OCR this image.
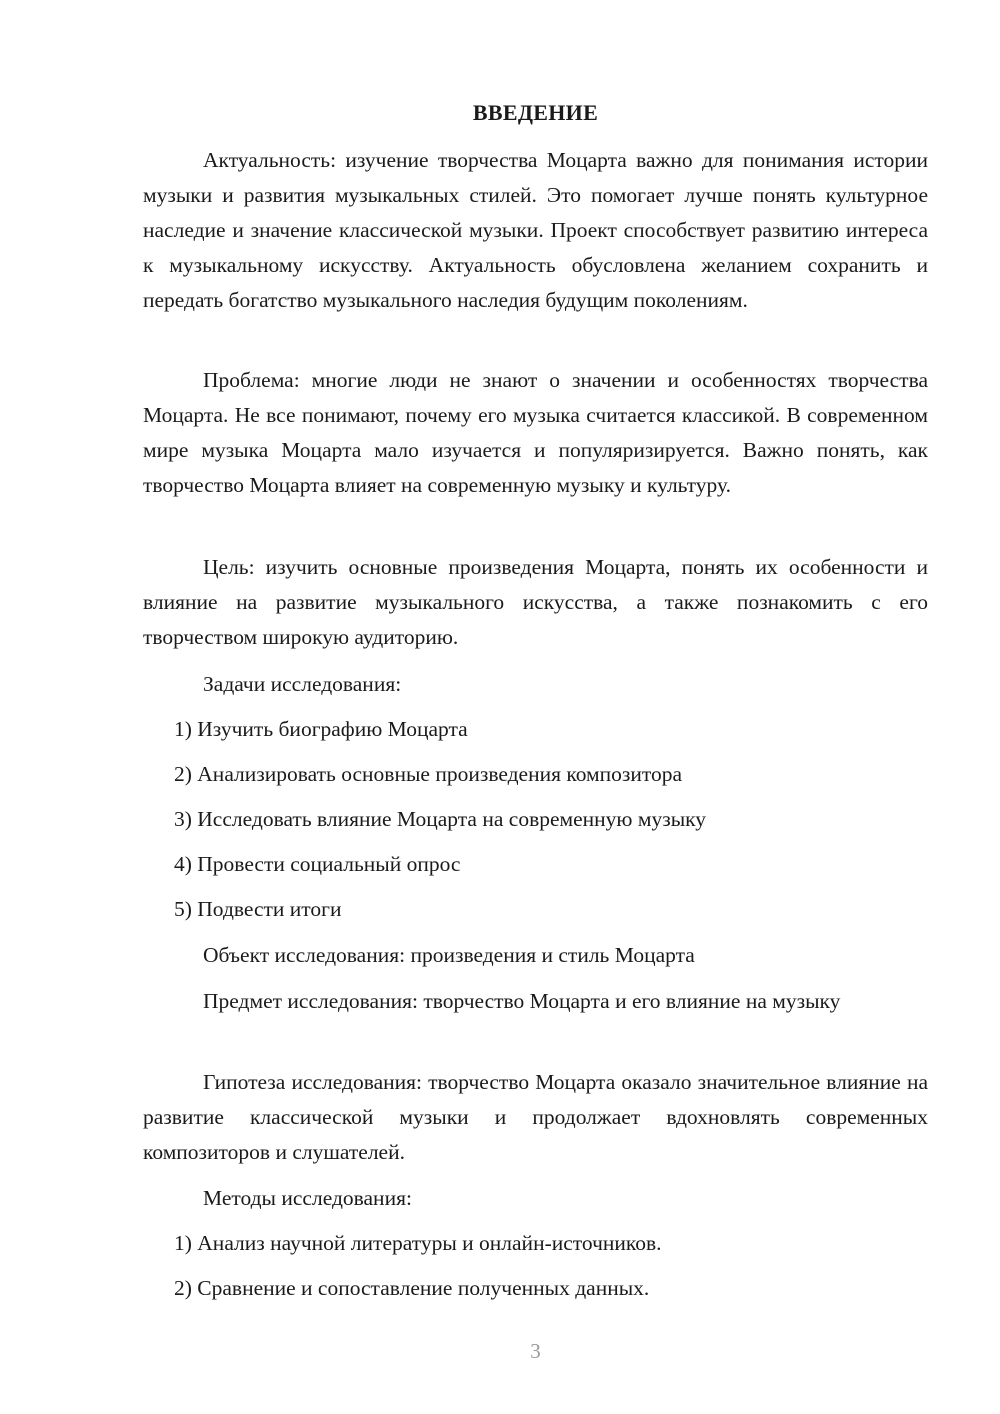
ВВЕДЕНИЕ

Актуальность: изучение творчества Моцарта важно для понимания истории музыки и развития музыкальных стилей. Это помогает лучше понять культурное наследие и значение классической музыки. Проект способствует развитию интереса к музыкальному искусству. Актуальность обусловлена желанием сохранить и передать богатство музыкального наследия будущим поколениям.

Проблема: многие люди не знают о значении и особенностях творчества Моцарта. Не все понимают, почему его музыка считается классикой. В современном мире музыка Моцарта мало изучается и популяризируется. Важно понять, как творчество Моцарта влияет на современную музыку и культуру.

Цель: изучить основные произведения Моцарта, понять их особенности и влияние на развитие музыкального искусства, а также познакомить с его творчеством широкую аудиторию.

Задачи исследования:

1) Изучить биографию Моцарта

2) Анализировать основные произведения композитора

3) Исследовать влияние Моцарта на современную музыку

4) Провести социальный опрос

5) Подвести итоги

Объект исследования: произведения и стиль Моцарта

Предмет исследования: творчество Моцарта и его влияние на музыку

Гипотеза исследования: творчество Моцарта оказало значительное влияние на развитие классической музыки и продолжает вдохновлять современных композиторов и слушателей.

Методы исследования:

1) Анализ научной литературы и онлайн-источников.

2) Сравнение и сопоставление полученных данных.

3
